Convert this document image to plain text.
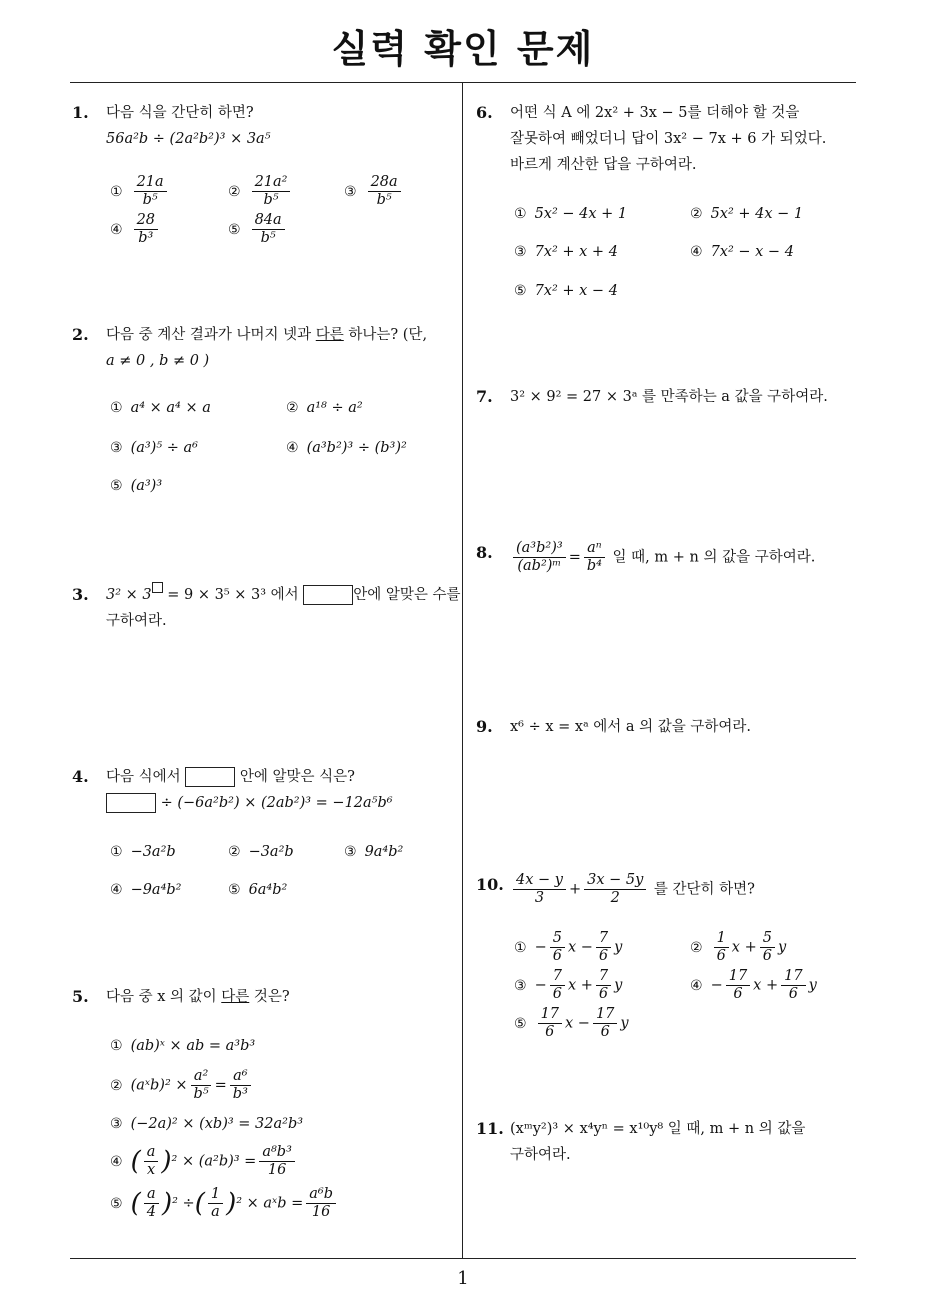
실력 확인 문제
1
1. 다음 식을 간단히 하면?
56a²b ÷ (2a²b²)³ × 3a⁵
① $\frac{21a}{\text{b⁵}}$	② $\frac{\text{21a²}}{\text{b⁵}}$	③ $\frac{28a}{\text{b⁵}}$
④ $\frac{28}{\text{b³}}$	⑤ $\frac{84a}{\text{b⁵}}$
2. 다음 중 계산 결과가 나머지 넷과 다른 하나는? (단,
a ≠ 0 , b ≠ 0 )
① a⁴ × a⁴ × a	② a¹⁸ ÷ a²
③ (a³)⁵ ÷ a⁶	④ (a³b²)³ ÷ (b³)²
⑤ (a³)³
3. 3² × 3 = 9 × 3⁵ × 3³ 에서	안에 알맞은 수를
구하여라.
4. 다음 식에서	안에 알맞은 식은?
÷ (−6a²b²) × (2ab²)³ = −12a⁵b⁶
① −3a²b	② −3a²b	③ 9a⁴b²
④ −9a⁴b²	⑤ 6a⁴b²
5. 다음 중 x 의 값이 다른 것은?
① (ab)ˣ × ab = a³b³
② (aˣb)² × $\frac{\text{a²}}{\text{b⁵}} = \frac{\text{a⁶}}{\text{b³}}$
③ (−2a)² × (xb)³ = 32a²b³
④ ( $\frac{a}{x} )^2 \times (a^2b)^3 = \frac{\text{a⁸b³}}{16}$
⑤ ( $\frac{a}{4} )^2$ ÷( $\frac{1}{a} )^2$ × aˣb = $\frac{\text{a⁶b}}{16}$
6. 어떤 식 A 에 2x² + 3x − 5를 더해야 할 것을
잘못하여 빼었더니 답이 3x² − 7x + 6 가 되었다.
바르게 계산한 답을 구하여라.
① 5x² − 4x + 1	② 5x² + 4x − 1
③ 7x² + x + 4	④ 7x² − x − 4
⑤ 7x² + x − 4
7. 3² × 9² = 27 × 3ᵃ 를 만족하는 a 값을 구하여라.
8. $\frac{\text{(a³b²)³}}{\text{(ab²)ᵐ}} = \frac{\text{aⁿ}}{\text{b⁴}}$ 일 때, m + n 의 값을 구하여라.
9. x⁶ ÷ x = xᵃ 에서 a 의 값을 구하여라.
10. $\frac{4x - y}{3} + \frac{3x - 5y}{2}$ 를 간단히 하면?
① − $\frac{5}{6}$ $x - \frac{7}{6}$ y	② $\frac{1}{6}$ $x + \frac{5}{6}$ y
③ − $\frac{7}{6}$ $x + \frac{7}{6}$ y	④ − $\frac{17}{6}$ $x + \frac{17}{6}$ y
⑤ $\frac{17}{6}$ $x - \frac{17}{6}$ y
11. (xᵐy²)³ × x⁴yⁿ = x¹⁰y⁸ 일 때, m + n 의 값을
구하여라.
